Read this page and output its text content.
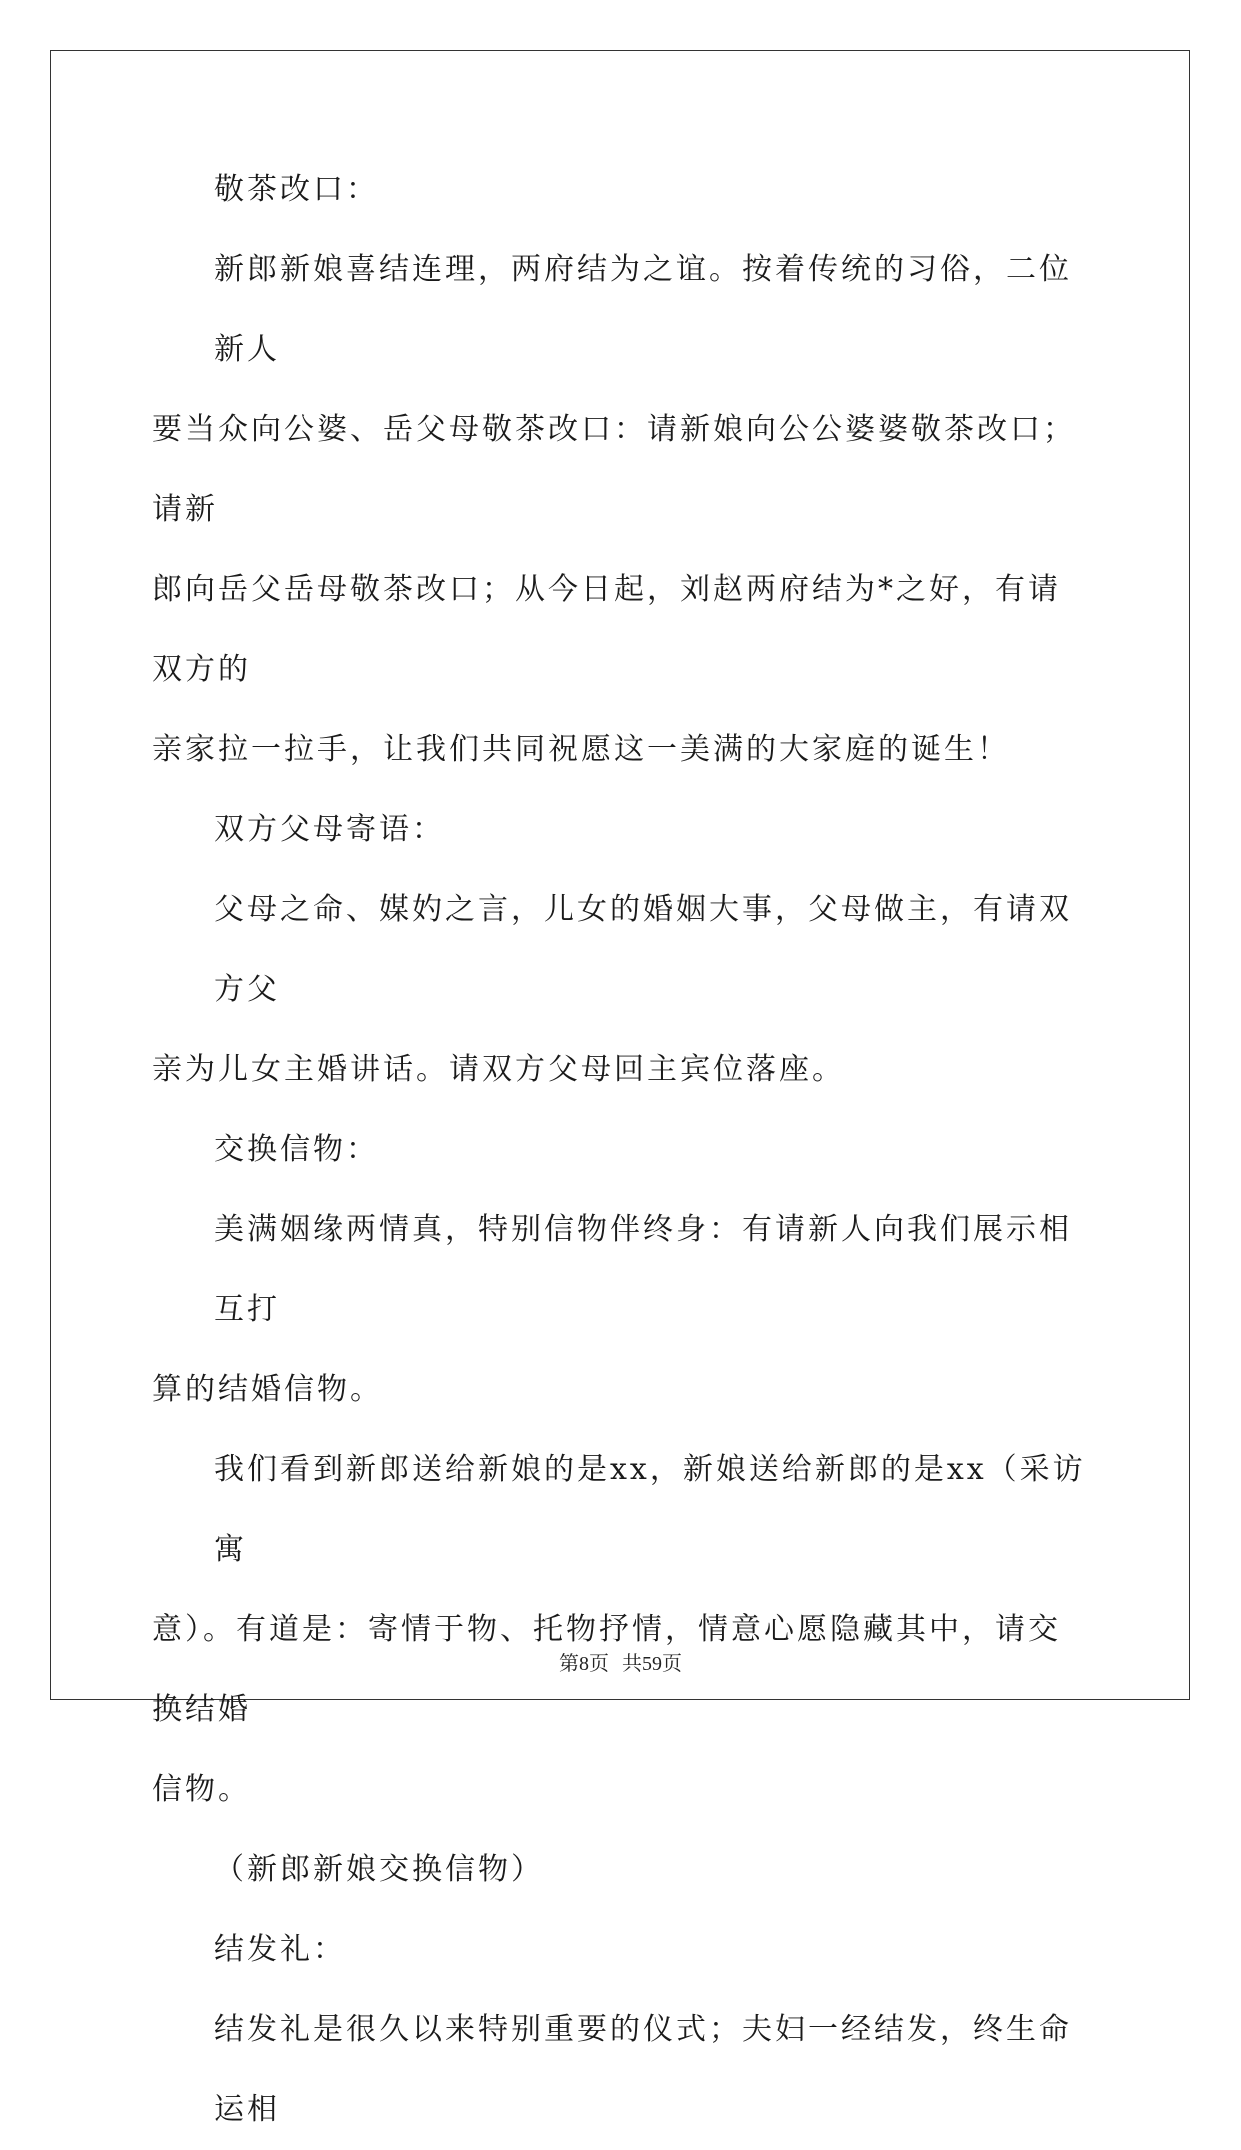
敬茶改口：
新郎新娘喜结连理，两府结为之谊。按着传统的习俗，二位新人
要当众向公婆、岳父母敬茶改口：请新娘向公公婆婆敬茶改口；请新
郎向岳父岳母敬茶改口；从今日起，刘赵两府结为*之好，有请双方的
亲家拉一拉手，让我们共同祝愿这一美满的大家庭的诞生！
双方父母寄语：
父母之命、媒妁之言，儿女的婚姻大事，父母做主，有请双方父
亲为儿女主婚讲话。请双方父母回主宾位落座。
交换信物：
美满姻缘两情真，特别信物伴终身：有请新人向我们展示相互打
算的结婚信物。
我们看到新郎送给新娘的是xx，新娘送给新郎的是xx（采访寓
意）。有道是：寄情于物、托物抒情，情意心愿隐藏其中，请交换结婚
信物。
（新郎新娘交换信物）
结发礼：
结发礼是很久以来特别重要的仪式；夫妇一经结发，终生命运相
第8页 共59页
